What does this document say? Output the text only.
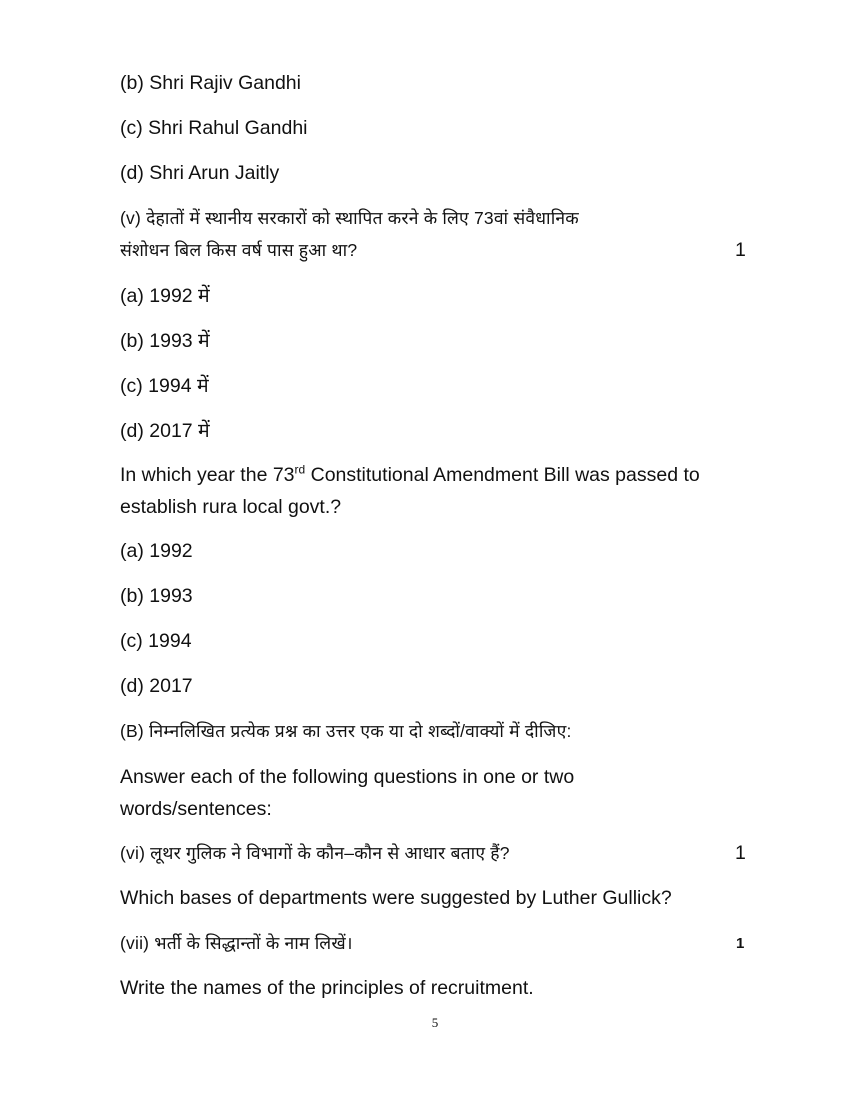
(b) Shri Rajiv Gandhi
(c) Shri Rahul Gandhi
(d) Shri Arun Jaitly
(v) देहातों में स्थानीय सरकारों को स्थापित करने के लिए 73वां संवैधानिक
संशोधन बिल किस वर्ष पास हुआ था?	1
(a) 1992 में
(b) 1993 में
(c) 1994 में
(d) 2017 में
In which year the 73rd Constitutional Amendment Bill was passed to establish rura local govt.?
(a) 1992
(b) 1993
(c) 1994
(d) 2017
(B) निम्नलिखित प्रत्येक प्रश्न का उत्तर एक या दो शब्दों/वाक्यों में दीजिए:
Answer each of the following questions in one or two words/sentences:
(vi) लूथर गुलिक ने विभागों के कौन–कौन से आधार बताए हैं?	1
Which bases of departments were suggested by Luther Gullick?
(vii) भर्ती के सिद्धान्तों के नाम लिखें।	1
Write the names of the principles of recruitment.
5
